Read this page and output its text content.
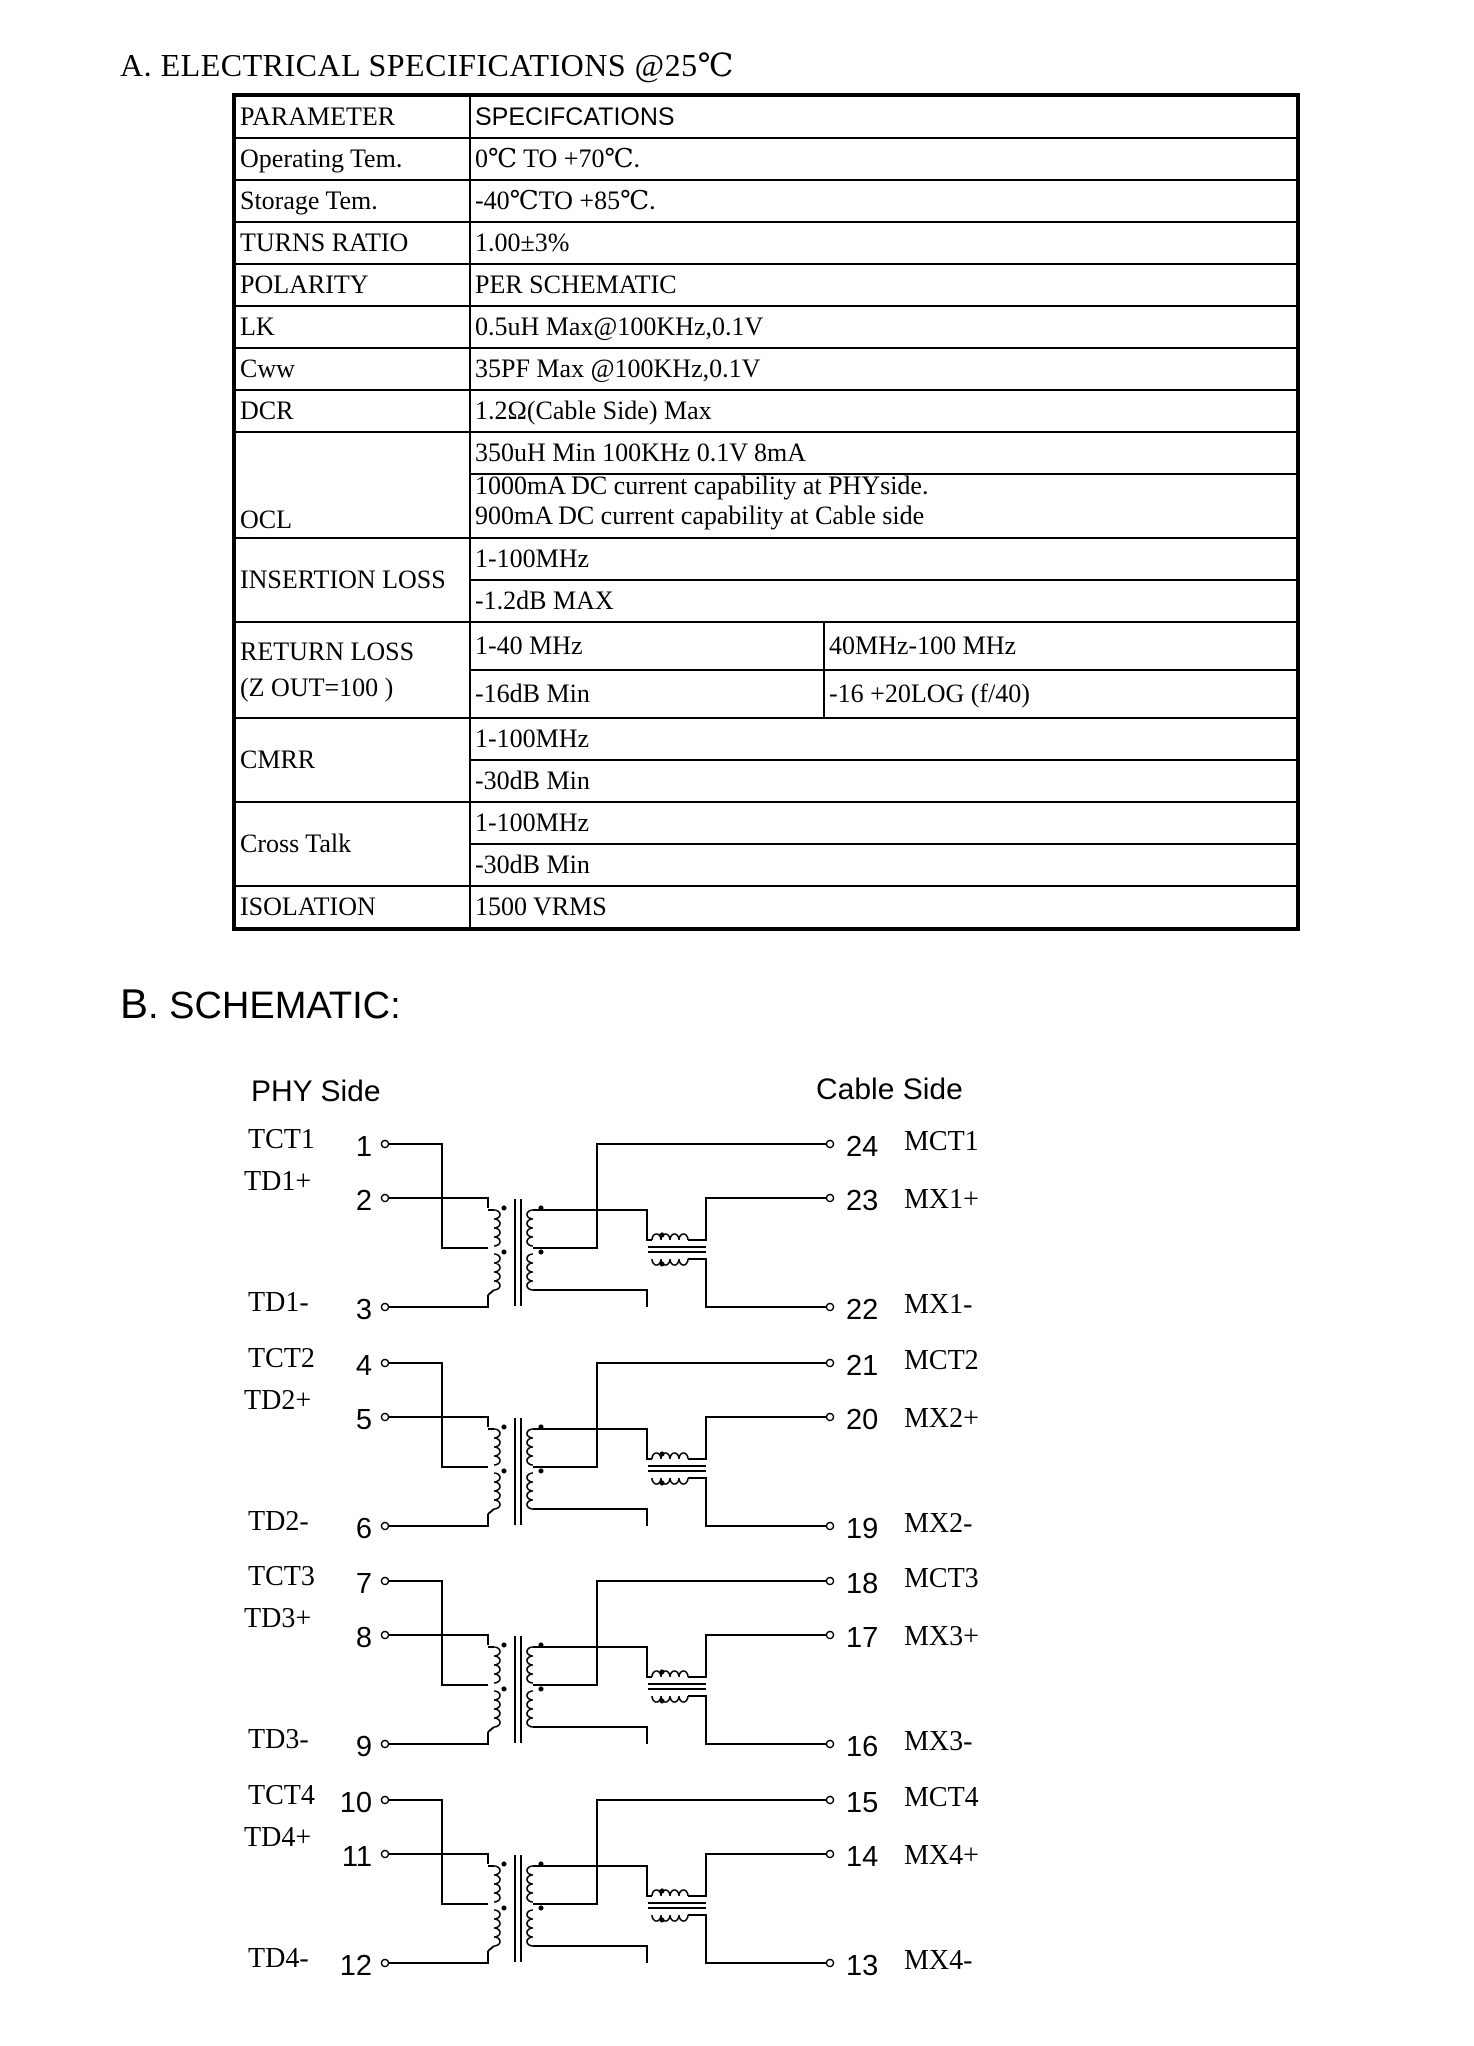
A. ELECTRICAL SPECIFICATIONS @25℃
PARAMETER	SPECIFCATIONS	
Operating Tem.	0℃ TO +70℃.	
Storage Tem.	-40℃TO +85℃.	
TURNS RATIO	1.00±3%	
POLARITY	PER SCHEMATIC	
LK	0.5uH Max@100KHz,0.1V	
Cww	35PF Max @100KHz,0.1V	
DCR	1.2Ω(Cable Side) Max	
OCL	350uH Min 100KHz 0.1V 8mA	

	1000mA DC current capability at PHYside.
900mA DC current capability at Cable side	

INSERTION LOSS	1-100MHz	
	-1.2dB MAX	

RETURN LOSS
(Z OUT=100 )	1-40 MHz	40MHz-100 MHz
	-16dB Min	-16 +20LOG (f/40)
CMRR	1-100MHz	
	-30dB Min	
Cross Talk	1-100MHz	
	-30dB Min	
ISOLATION	1500 VRMS	
B. SCHEMATIC:
PHY Side	Cable Side
TCT1 1
TD1+
2
TD1- 3
24 MCT1
23 MX1+
22 MX1-
TCT2 4
TD2+
5
TD2- 6
21 MCT2
20 MX2+
19 MX2-
TCT3 7
TD3+
8
TD3- 9
18 MCT3
17 MX3+
16 MX3-
TCT4 10
TD4+
11
TD4- 12
15 MCT4
14 MX4+
13 MX4-
